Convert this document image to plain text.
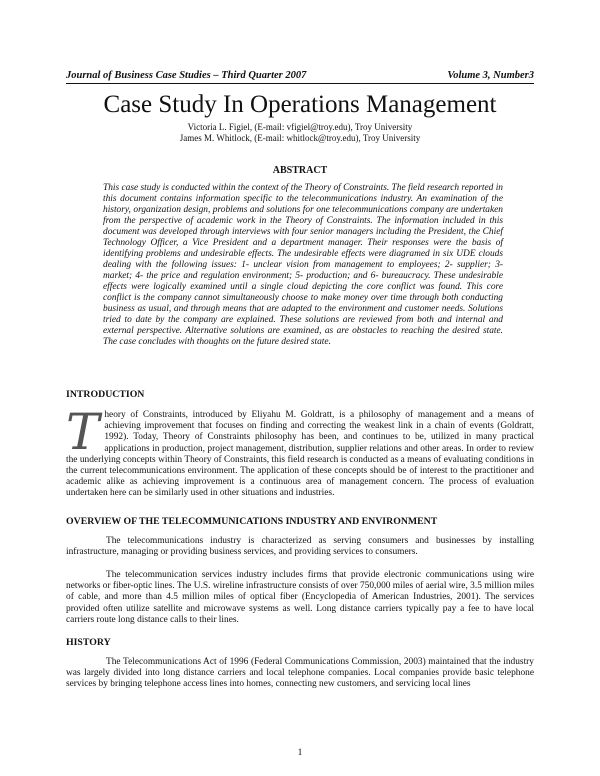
Journal of Business Case Studies – Third Quarter 2007	Volume 3, Number3
Case Study In Operations Management
Victoria L. Figiel, (E-mail: vfigiel@troy.edu), Troy University
James M. Whitlock, (E-mail: whitlock@troy.edu), Troy University
ABSTRACT

This case study is conducted within the context of the Theory of Constraints. The field research reported in this document contains information specific to the telecommunications industry. An examination of the history, organization design, problems and solutions for one telecommunications company are undertaken from the perspective of academic work in the Theory of Constraints. The information included in this document was developed through interviews with four senior managers including the President, the Chief Technology Officer, a Vice President and a department manager. Their responses were the basis of identifying problems and undesirable effects. The undesirable effects were diagramed in six UDE clouds dealing with the following issues: 1- unclear vision from management to employees; 2- supplier; 3- market; 4- the price and regulation environment; 5- production; and 6- bureaucracy. These undesirable effects were logically examined until a single cloud depicting the core conflict was found. This core conflict is the company cannot simultaneously choose to make money over time through both conducting business as usual, and through means that are adapted to the environment and customer needs. Solutions tried to date by the company are explained. These solutions are reviewed from both and internal and external perspective. Alternative solutions are examined, as are obstacles to reaching the desired state. The case concludes with thoughts on the future desired state.

INTRODUCTION

Theory of Constraints, introduced by Eliyahu M. Goldratt, is a philosophy of management and a means of achieving improvement that focuses on finding and correcting the weakest link in a chain of events (Goldratt, 1992). Today, Theory of Constraints philosophy has been, and continues to be, utilized in many practical applications in production, project management, distribution, supplier relations and other areas. In order to review the underlying concepts within Theory of Constraints, this field research is conducted as a means of evaluating conditions in the current telecommunications environment. The application of these concepts should be of interest to the practitioner and academic alike as achieving improvement is a continuous area of management concern. The process of evaluation undertaken here can be similarly used in other situations and industries.

OVERVIEW OF THE TELECOMMUNICATIONS INDUSTRY AND ENVIRONMENT

The telecommunications industry is characterized as serving consumers and businesses by installing infrastructure, managing or providing business services, and providing services to consumers.

The telecommunication services industry includes firms that provide electronic communications using wire networks or fiber-optic lines. The U.S. wireline infrastructure consists of over 750,000 miles of aerial wire, 3.5 million miles of cable, and more than 4.5 million miles of optical fiber (Encyclopedia of American Industries, 2001). The services provided often utilize satellite and microwave systems as well. Long distance carriers typically pay a fee to have local carriers route long distance calls to their lines.

HISTORY

The Telecommunications Act of 1996 (Federal Communications Commission, 2003) maintained that the industry was largely divided into long distance carriers and local telephone companies. Local companies provide basic telephone services by bringing telephone access lines into homes, connecting new customers, and servicing local lines

1
